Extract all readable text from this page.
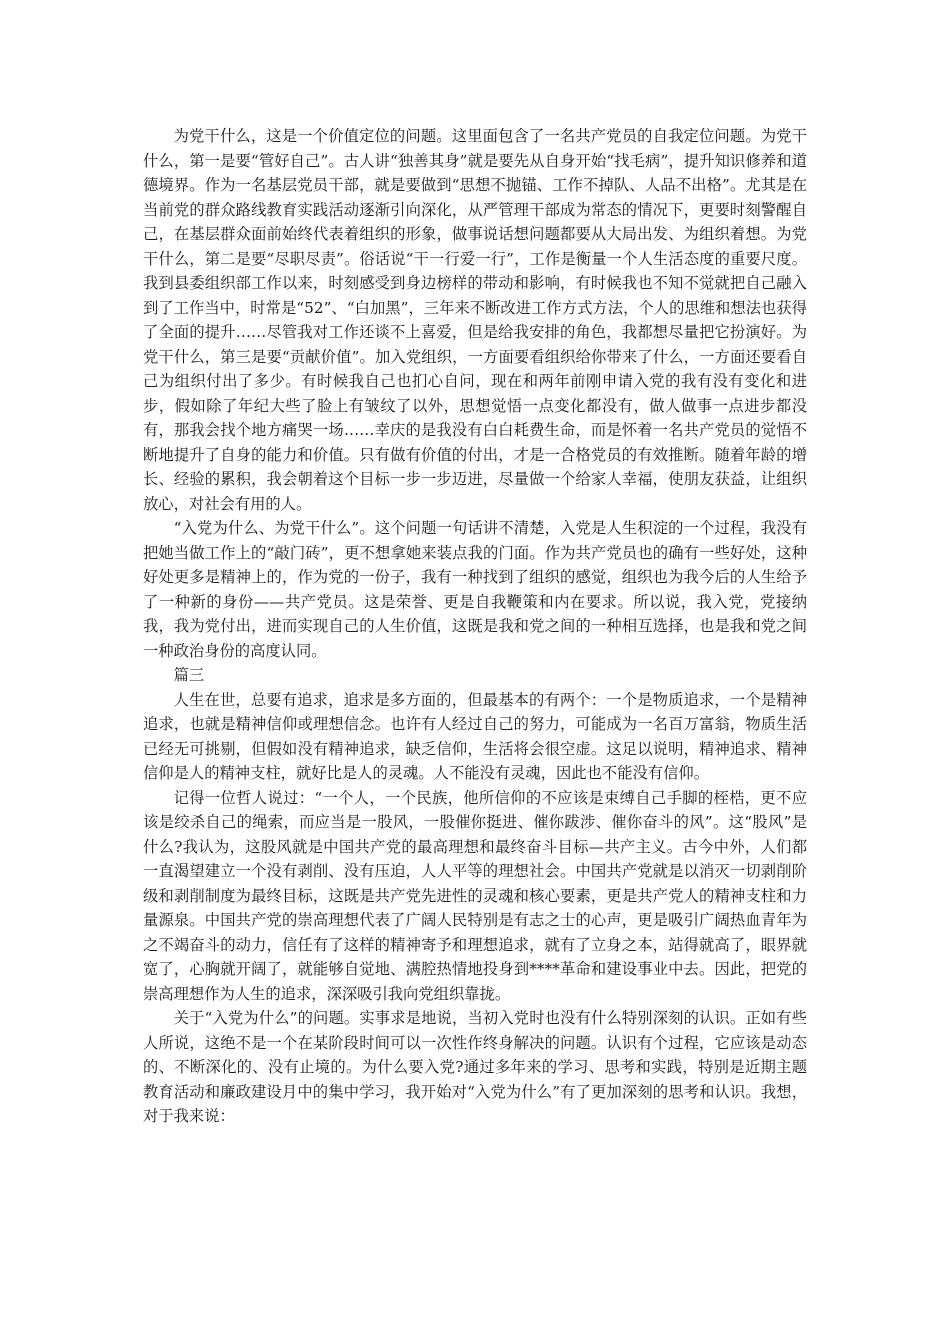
为党干什么，这是一个价值定位的问题。这里面包含了一名共产党员的自我定位问题。为党干什么，第一是要“管好自己”。古人讲“独善其身”就是要先从自身开始“找毛病”，提升知识修养和道德境界。作为一名基层党员干部，就是要做到“思想不抛锚、工作不掉队、人品不出格”。尤其是在当前党的群众路线教育实践活动逐渐引向深化，从严管理干部成为常态的情况下，更要时刻警醒自己，在基层群众面前始终代表着组织的形象，做事说话想问题都要从大局出发、为组织着想。为党干什么，第二是要“尽职尽责”。俗话说“干一行爱一行”，工作是衡量一个人生活态度的重要尺度。我到县委组织部工作以来，时刻感受到身边榜样的带动和影响，有时候我也不知不觉就把自己融入到了工作当中，时常是“52”、“白加黑”，三年来不断改进工作方式方法，个人的思维和想法也获得了全面的提升……尽管我对工作还谈不上喜爱，但是给我安排的角色，我都想尽量把它扮演好。为党干什么，第三是要“贡献价值”。加入党组织，一方面要看组织给你带来了什么，一方面还要看自己为组织付出了多少。有时候我自己也扪心自问，现在和两年前刚申请入党的我有没有变化和进步，假如除了年纪大些了脸上有皱纹了以外，思想觉悟一点变化都没有，做人做事一点进步都没有，那我会找个地方痛哭一场……幸庆的是我没有白白耗费生命，而是怀着一名共产党员的觉悟不断地提升了自身的能力和价值。只有做有价值的付出，才是一合格党员的有效推断。随着年龄的增长、经验的累积，我会朝着这个目标一步一步迈进，尽量做一个给家人幸福，使朋友获益，让组织放心，对社会有用的人。

“入党为什么、为党干什么”。这个问题一句话讲不清楚，入党是人生积淀的一个过程，我没有把她当做工作上的“敲门砖”，更不想拿她来装点我的门面。作为共产党员也的确有一些好处，这种好处更多是精神上的，作为党的一份子，我有一种找到了组织的感觉，组织也为我今后的人生给予了一种新的身份——共产党员。这是荣誉、更是自我鞭策和内在要求。所以说，我入党，党接纳我，我为党付出，进而实现自己的人生价值，这既是我和党之间的一种相互选择，也是我和党之间一种政治身份的高度认同。

篇三

人生在世，总要有追求，追求是多方面的，但最基本的有两个：一个是物质追求，一个是精神追求，也就是精神信仰或理想信念。也许有人经过自己的努力，可能成为一名百万富翁，物质生活已经无可挑剔，但假如没有精神追求，缺乏信仰，生活将会很空虚。这足以说明，精神追求、精神信仰是人的精神支柱，就好比是人的灵魂。人不能没有灵魂，因此也不能没有信仰。

记得一位哲人说过：“一个人，一个民族，他所信仰的不应该是束缚自己手脚的桎梏，更不应该是绞杀自己的绳索，而应当是一股风，一股催你挺进、催你跋涉、催你奋斗的风”。这“股风”是什么?我认为，这股风就是中国共产党的最高理想和最终奋斗目标—共产主义。古今中外，人们都一直渴望建立一个没有剥削、没有压迫，人人平等的理想社会。中国共产党就是以消灭一切剥削阶级和剥削制度为最终目标，这既是共产党先进性的灵魂和核心要素，更是共产党人的精神支柱和力量源泉。中国共产党的崇高理想代表了广阔人民特别是有志之士的心声，更是吸引广阔热血青年为之不竭奋斗的动力，信任有了这样的精神寄予和理想追求，就有了立身之本，站得就高了，眼界就宽了，心胸就开阔了，就能够自觉地、满腔热情地投身到****革命和建设事业中去。因此，把党的崇高理想作为人生的追求，深深吸引我向党组织靠拢。

关于“入党为什么”的问题。实事求是地说，当初入党时也没有什么特别深刻的认识。正如有些人所说，这绝不是一个在某阶段时间可以一次性作终身解决的问题。认识有个过程，它应该是动态的、不断深化的、没有止境的。为什么要入党?通过多年来的学习、思考和实践，特别是近期主题教育活动和廉政建设月中的集中学习，我开始对“入党为什么”有了更加深刻的思考和认识。我想，对于我来说：
